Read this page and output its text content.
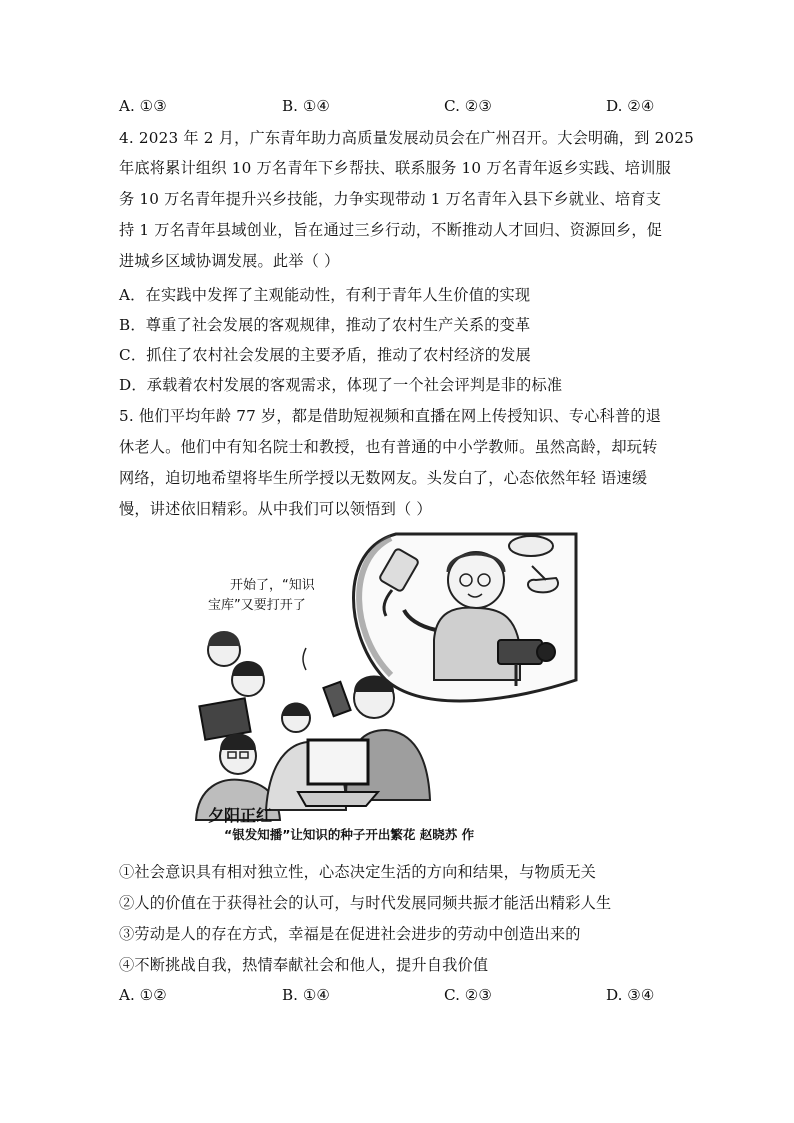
A. ①③	B. ①④	C. ②③	D. ②④
4. 2023 年 2 月，广东青年助力高质量发展动员会在广州召开。大会明确，到 2025
年底将累计组织 10 万名青年下乡帮扶、联系服务 10 万名青年返乡实践、培训服
务 10 万名青年提升兴乡技能，力争实现带动 1 万名青年入县下乡就业、培育支
持 1 万名青年县域创业，旨在通过三乡行动，不断推动人才回归、资源回乡，促
进城乡区域协调发展。此举（ ）
A．在实践中发挥了主观能动性，有利于青年人生价值的实现
B．尊重了社会发展的客观规律，推动了农村生产关系的变革
C．抓住了农村社会发展的主要矛盾，推动了农村经济的发展
D．承载着农村发展的客观需求，体现了一个社会评判是非的标准
5. 他们平均年龄 77 岁，都是借助短视频和直播在网上传授知识、专心科普的退
休老人。他们中有知名院士和教授，也有普通的中小学教师。虽然高龄，却玩转
网络，迫切地希望将毕生所学授以无数网友。头发白了，心态依然年轻 语速缓
慢，讲述依旧精彩。从中我们可以领悟到（ ）
开始了，“知识
宝库”又要打开了
夕阳正红
“银发知播”让知识的种子开出繁花 赵晓苏 作
①社会意识具有相对独立性，心态决定生活的方向和结果，与物质无关
②人的价值在于获得社会的认可，与时代发展同频共振才能活出精彩人生
③劳动是人的存在方式，幸福是在促进社会进步的劳动中创造出来的
④不断挑战自我，热情奉献社会和他人，提升自我价值
A. ①②	B. ①④	C. ②③	D. ③④
